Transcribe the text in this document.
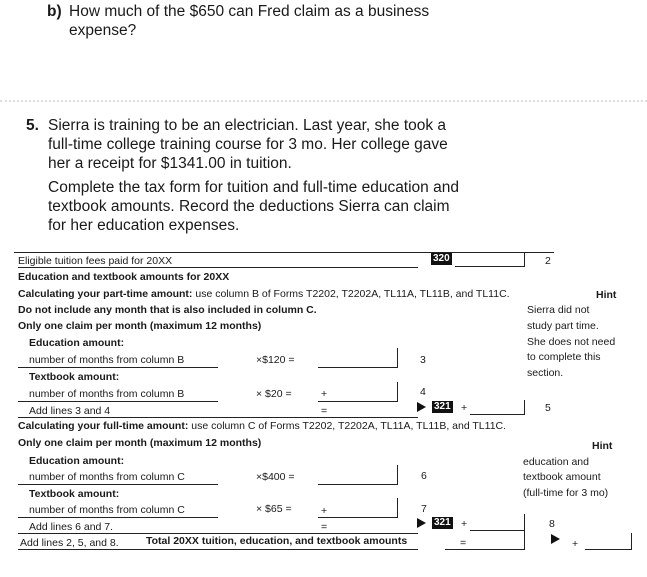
b) How much of the $650 can Fred claim as a business
expense?
5. Sierra is training to be an electrician. Last year, she took a
full-time college training course for 3 mo. Her college gave
her a receipt for $1341.00 in tuition.
Complete the tax form for tuition and full-time education and
textbook amounts. Record the deductions Sierra can claim
for her education expenses.
Eligible tuition fees paid for 20XX	320	2
Education and textbook amounts for 20XX
Calculating your part-time amount: use column B of Forms T2202, T2202A, TL11A, TL11B, and TL11C.	Hint
Do not include any month that is also included in column C.
Only one claim per month (maximum 12 months)
Education amount:
Sierra did not
study part time.
She does not need
to complete this
section.
number of months from column B	×$120 =	3
Textbook amount:
number of months from column B	× $20 =	+	4
Add lines 3 and 4	=	321 +	5
Calculating your full-time amount: use column C of Forms T2202, T2202A, TL11A, TL11B, and TL11C.
Only one claim per month (maximum 12 months)	Hint
education and
textbook amount
(full-time for 3 mo)
Education amount:
number of months from column C	×$400 =	6
Textbook amount:
number of months from column C	× $65 =	+	7
Add lines 6 and 7.	=	321 +	8
Add lines 2, 5, and 8.	Total 20XX tuition, education, and textbook amounts	=	+
